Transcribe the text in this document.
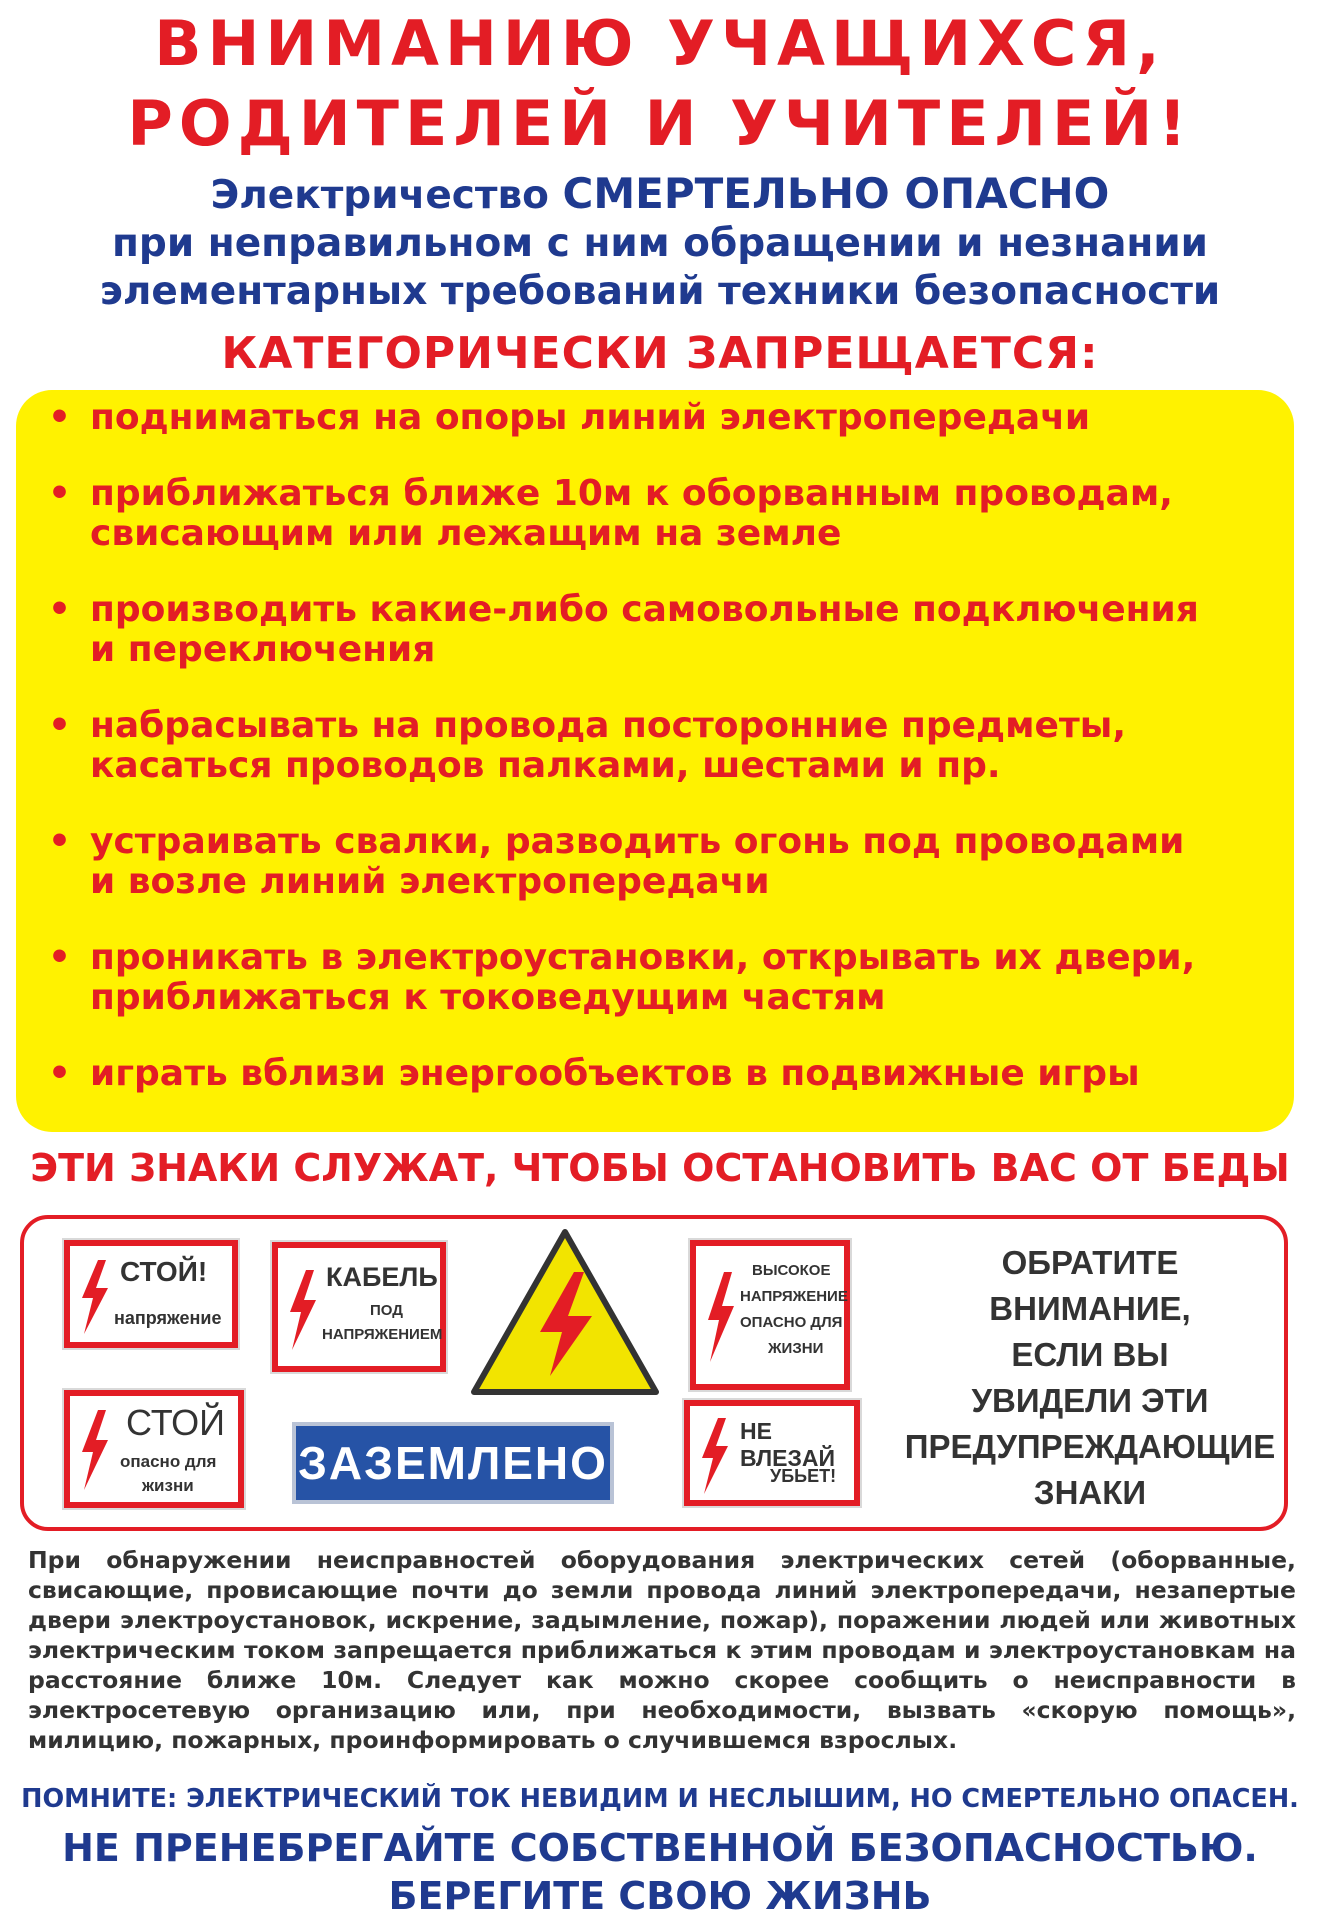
ВНИМАНИЮ УЧАЩИХСЯ,
РОДИТЕЛЕЙ И УЧИТЕЛЕЙ!
Электричество СМЕРТЕЛЬНО ОПАСНО
при неправильном с ним обращении и незнании
элементарных требований техники безопасности
КАТЕГОРИЧЕСКИ ЗАПРЕЩАЕТСЯ:
• подниматься на опоры линий электропередачи
• приближаться ближе 10м к оборванным проводам,
свисающим или лежащим на земле
• производить какие-либо самовольные подключения
и переключения
• набрасывать на провода посторонние предметы,
касаться проводов палками, шестами и пр.
• устраивать свалки, разводить огонь под проводами
и возле линий электропередачи
• проникать в электроустановки, открывать их двери,
приближаться к токоведущим частям
• играть вблизи энергообъектов в подвижные игры
ЭТИ ЗНАКИ СЛУЖАТ, ЧТОБЫ ОСТАНОВИТЬ ВАС ОТ БЕДЫ
СТОЙ!
напряжение
КАБЕЛЬ
ПОД
НАПРЯЖЕНИЕМ
ВЫСОКОЕ
НАПРЯЖЕНИЕ
ОПАСНО ДЛЯ
ЖИЗНИ
ОБРАТИТЕ
ВНИМАНИЕ,
ЕСЛИ ВЫ
УВИДЕЛИ ЭТИ
ПРЕДУПРЕЖДАЮЩИЕ
ЗНАКИ
СТОЙ
опасно для
жизни ЗАЗЕМЛЕНО
НЕ ВЛЕЗАЙ
УБЬЕТ!
При обнаружении неисправностей оборудования электрических сетей (оборванные, свисающие, провисающие почти до земли провода линий электропередачи, незапертые двери электроустановок, искрение, задымление, пожар), поражении людей или животных электрическим током запрещается приближаться к этим проводам и электроустановкам на расстояние ближе 10м. Следует как можно скорее сообщить о неисправности в электросетевую организацию или, при необходимости, вызвать «скорую помощь», милицию, пожарных, проинформировать о случившемся взрослых.
ПОМНИТЕ: ЭЛЕКТРИЧЕСКИЙ ТОК НЕВИДИМ И НЕСЛЫШИМ, НО СМЕРТЕЛЬНО ОПАСЕН.
НЕ ПРЕНЕБРЕГАЙТЕ СОБСТВЕННОЙ БЕЗОПАСНОСТЬЮ.
БЕРЕГИТЕ СВОЮ ЖИЗНЬ
